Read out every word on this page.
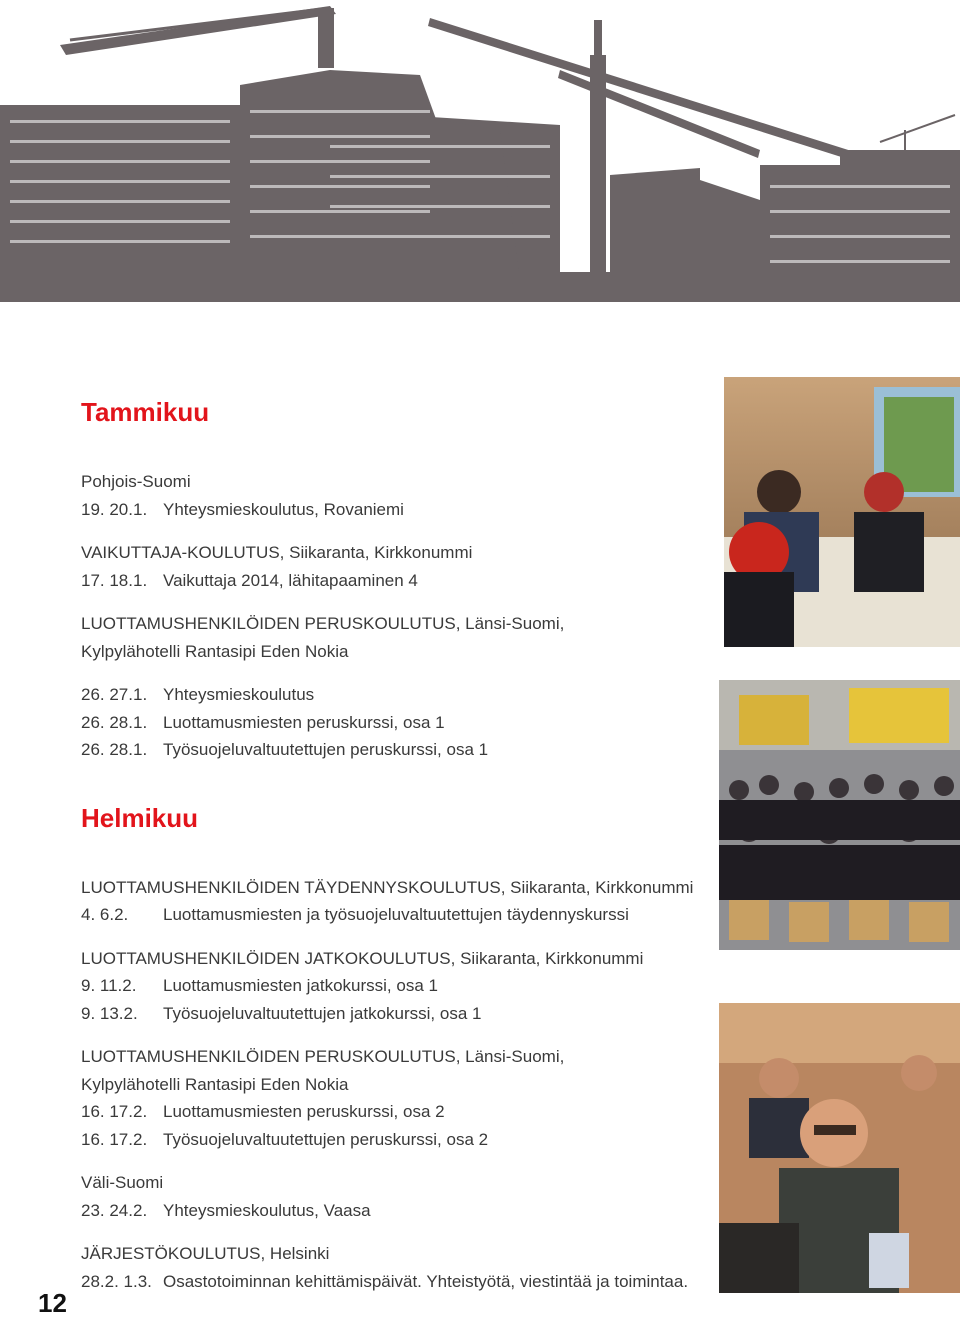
Tammikuu
Pohjois-Suomi
19. 20.1. Yhteysmieskoulutus, Rovaniemi
VAIKUTTAJA-KOULUTUS, Siikaranta, Kirkkonummi
17. 18.1. Vaikuttaja 2014, lähitapaaminen 4
LUOTTAMUSHENKILÖIDEN PERUSKOULUTUS, Länsi-Suomi,
Kylpylähotelli Rantasipi Eden Nokia
26. 27.1. Yhteysmieskoulutus
26. 28.1. Luottamusmiesten peruskurssi, osa 1
26. 28.1. Työsuojeluvaltuutettujen peruskurssi, osa 1
Helmikuu
LUOTTAMUSHENKILÖIDEN TÄYDENNYSKOULUTUS, Siikaranta, Kirkkonummi
4. 6.2.	Luottamusmiesten ja työsuojeluvaltuutettujen täydennyskurssi
LUOTTAMUSHENKILÖIDEN JATKOKOULUTUS, Siikaranta, Kirkkonummi
9. 11.2.	Luottamusmiesten jatkokurssi, osa 1
9. 13.2.	Työsuojeluvaltuutettujen jatkokurssi, osa 1
LUOTTAMUSHENKILÖIDEN PERUSKOULUTUS, Länsi-Suomi,
Kylpylähotelli Rantasipi Eden Nokia
16. 17.2. Luottamusmiesten peruskurssi, osa 2
16. 17.2. Työsuojeluvaltuutettujen peruskurssi, osa 2
Väli-Suomi
23. 24.2. Yhteysmieskoulutus, Vaasa
JÄRJESTÖKOULUTUS, Helsinki
28.2. 1.3. Osastotoiminnan kehittämispäivät. Yhteistyötä, viestintää ja toimintaa.
12
